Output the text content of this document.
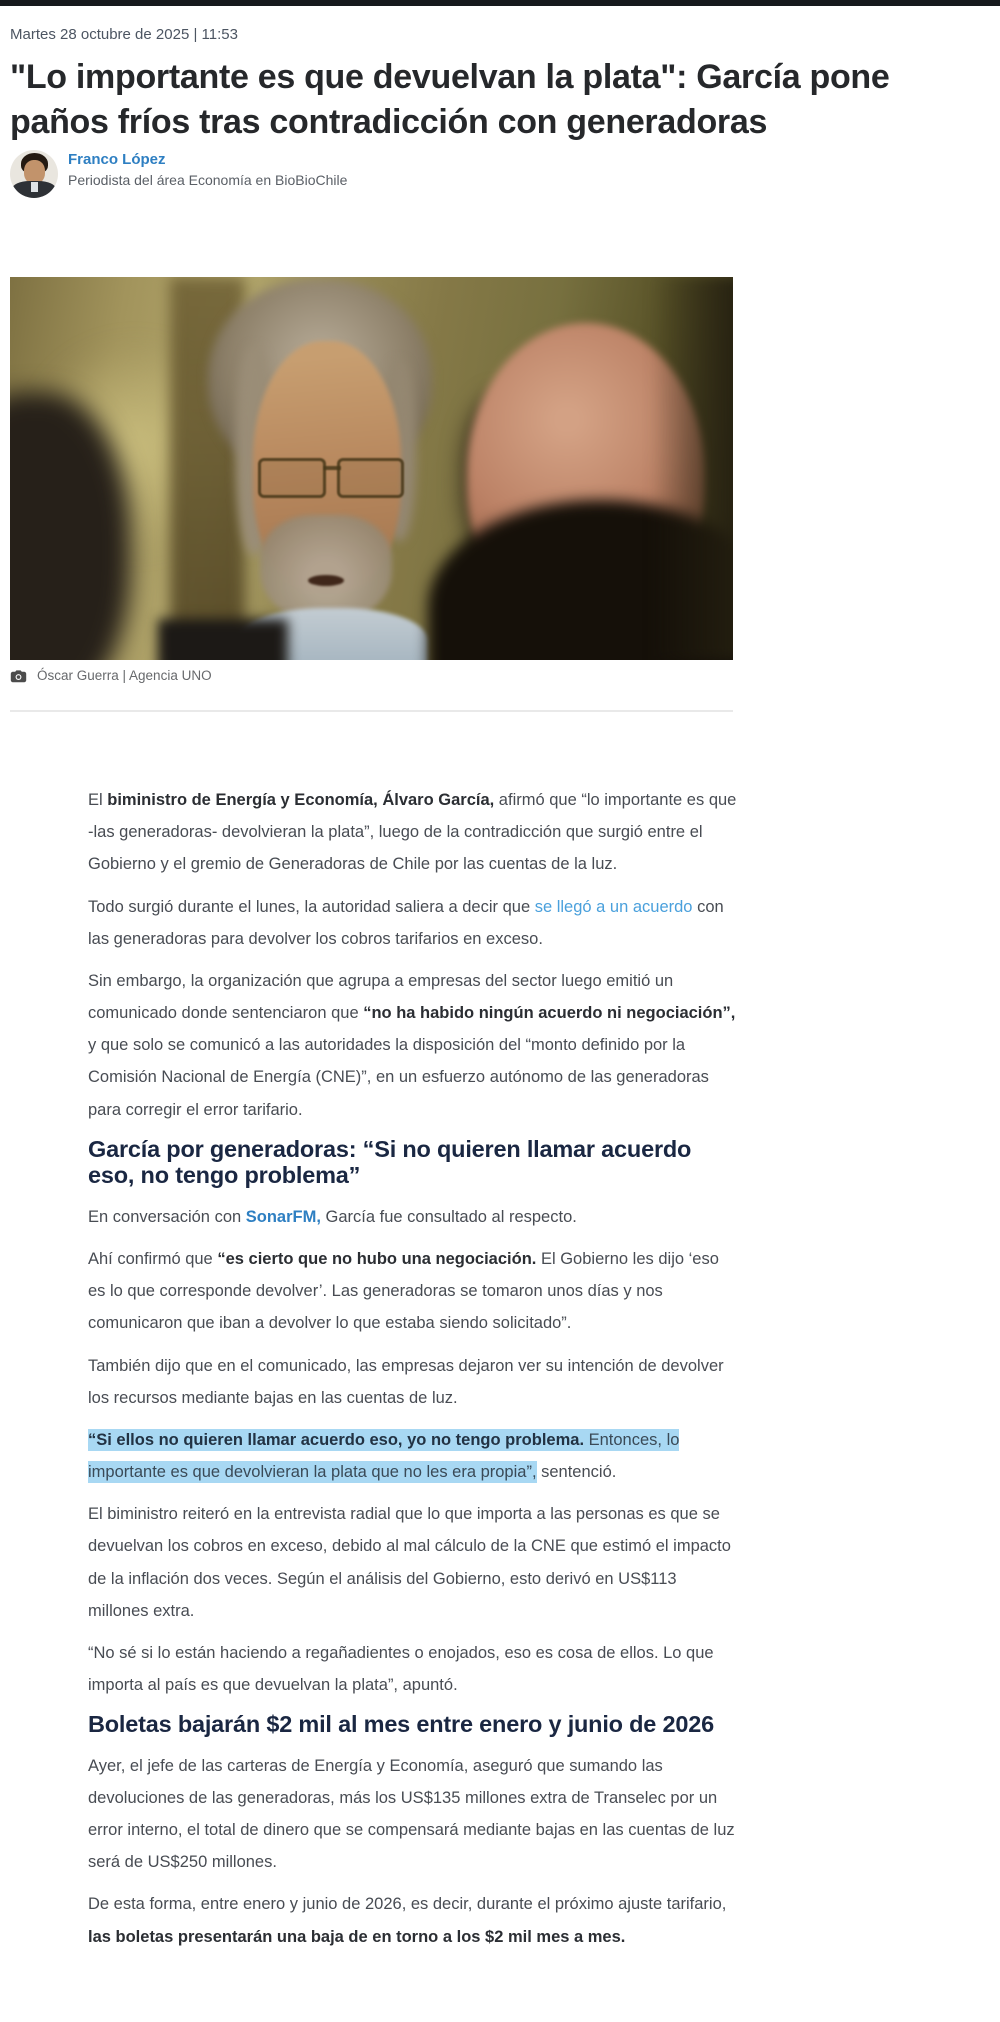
Martes 28 octubre de 2025 | 11:53
"Lo importante es que devuelvan la plata": García pone paños fríos tras contradicción con generadoras
Franco López
Periodista del área Economía en BioBioChile
Óscar Guerra | Agencia UNO

El biministro de Energía y Economía, Álvaro García, afirmó que “lo importante es que -las generadoras- devolvieran la plata”, luego de la contradicción que surgió entre el Gobierno y el gremio de Generadoras de Chile por las cuentas de la luz.

Todo surgió durante el lunes, la autoridad saliera a decir que se llegó a un acuerdo con las generadoras para devolver los cobros tarifarios en exceso.

Sin embargo, la organización que agrupa a empresas del sector luego emitió un comunicado donde sentenciaron que “no ha habido ningún acuerdo ni negociación”, y que solo se comunicó a las autoridades la disposición del “monto definido por la Comisión Nacional de Energía (CNE)”, en un esfuerzo autónomo de las generadoras para corregir el error tarifario.

García por generadoras: “Si no quieren llamar acuerdo eso, no tengo problema”

En conversación con SonarFM, García fue consultado al respecto.

Ahí confirmó que “es cierto que no hubo una negociación. El Gobierno les dijo ‘eso es lo que corresponde devolver’. Las generadoras se tomaron unos días y nos comunicaron que iban a devolver lo que estaba siendo solicitado”.

También dijo que en el comunicado, las empresas dejaron ver su intención de devolver los recursos mediante bajas en las cuentas de luz.

“Si ellos no quieren llamar acuerdo eso, yo no tengo problema. Entonces, lo importante es que devolvieran la plata que no les era propia”, sentenció.

El biministro reiteró en la entrevista radial que lo que importa a las personas es que se devuelvan los cobros en exceso, debido al mal cálculo de la CNE que estimó el impacto de la inflación dos veces. Según el análisis del Gobierno, esto derivó en US$113 millones extra.

“No sé si lo están haciendo a regañadientes o enojados, eso es cosa de ellos. Lo que importa al país es que devuelvan la plata”, apuntó.

Boletas bajarán $2 mil al mes entre enero y junio de 2026

Ayer, el jefe de las carteras de Energía y Economía, aseguró que sumando las devoluciones de las generadoras, más los US$135 millones extra de Transelec por un error interno, el total de dinero que se compensará mediante bajas en las cuentas de luz será de US$250 millones.

De esta forma, entre enero y junio de 2026, es decir, durante el próximo ajuste tarifario, las boletas presentarán una baja de en torno a los $2 mil mes a mes.
